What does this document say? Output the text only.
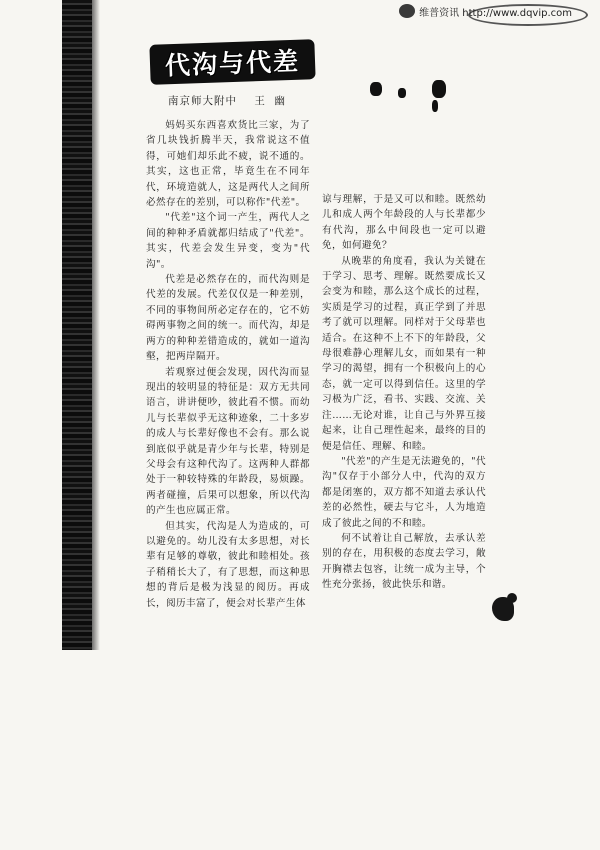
维普资讯 http://www.dqvip.com
代沟与代差
南京师大附中    王  幽

妈妈买东西喜欢货比三家，为了省几块钱折腾半天，我常说这不值得，可她们却乐此不疲，说不通的。其实，这也正常，毕竟生在不同年代，环境造就人，这是两代人之间所必然存在的差别，可以称作"代差"。

"代差"这个词一产生，两代人之间的种种矛盾就都归结成了"代差"。其实，代差会发生异变，变为"代沟"。

代差是必然存在的，而代沟则是代差的发展。代差仅仅是一种差别，不同的事物间所必定存在的，它不妨碍两事物之间的统一。而代沟，却是两方的种种差错造成的，就如一道沟壑，把两岸隔开。

若观察过便会发现，因代沟而显现出的较明显的特征是：双方无共同语言，讲讲便吵，彼此看不惯。而幼儿与长辈似乎无这种迹象，二十多岁的成人与长辈好像也不会有。那么说到底似乎就是青少年与长辈，特别是父母会有这种代沟了。这两种人群都处于一种较特殊的年龄段，易烦躁。两者碰撞，后果可以想象，所以代沟的产生也应属正常。

但其实，代沟是人为造成的，可以避免的。幼儿没有太多思想，对长辈有足够的尊敬，彼此和睦相处。孩子稍稍长大了，有了思想，而这种思想的背后是极为浅显的阅历。再成长，阅历丰富了，便会对长辈产生体

谅与理解，于是又可以和睦。既然幼儿和成人两个年龄段的人与长辈都少有代沟，那么中间段也一定可以避免，如何避免？

从晚辈的角度看，我认为关键在于学习、思考、理解。既然要成长又会变为和睦，那么这个成长的过程，实质是学习的过程，真正学到了并思考了就可以理解。同样对于父母辈也适合。在这种不上不下的年龄段，父母很难静心理解儿女，而如果有一种学习的渴望，拥有一个积极向上的心态，就一定可以得到信任。这里的学习极为广泛，看书、实践、交流、关注……无论对谁，让自己与外界互接起来，让自己理性起来，最终的目的便是信任、理解、和睦。

"代差"的产生是无法避免的，"代沟"仅存于小部分人中，代沟的双方都是闭塞的，双方都不知道去承认代差的必然性，硬去与它斗，人为地造成了彼此之间的不和睦。

何不试着让自己解放，去承认差别的存在，用积极的态度去学习，敞开胸襟去包容，让统一成为主导，个性充分张扬，彼此快乐和谐。
